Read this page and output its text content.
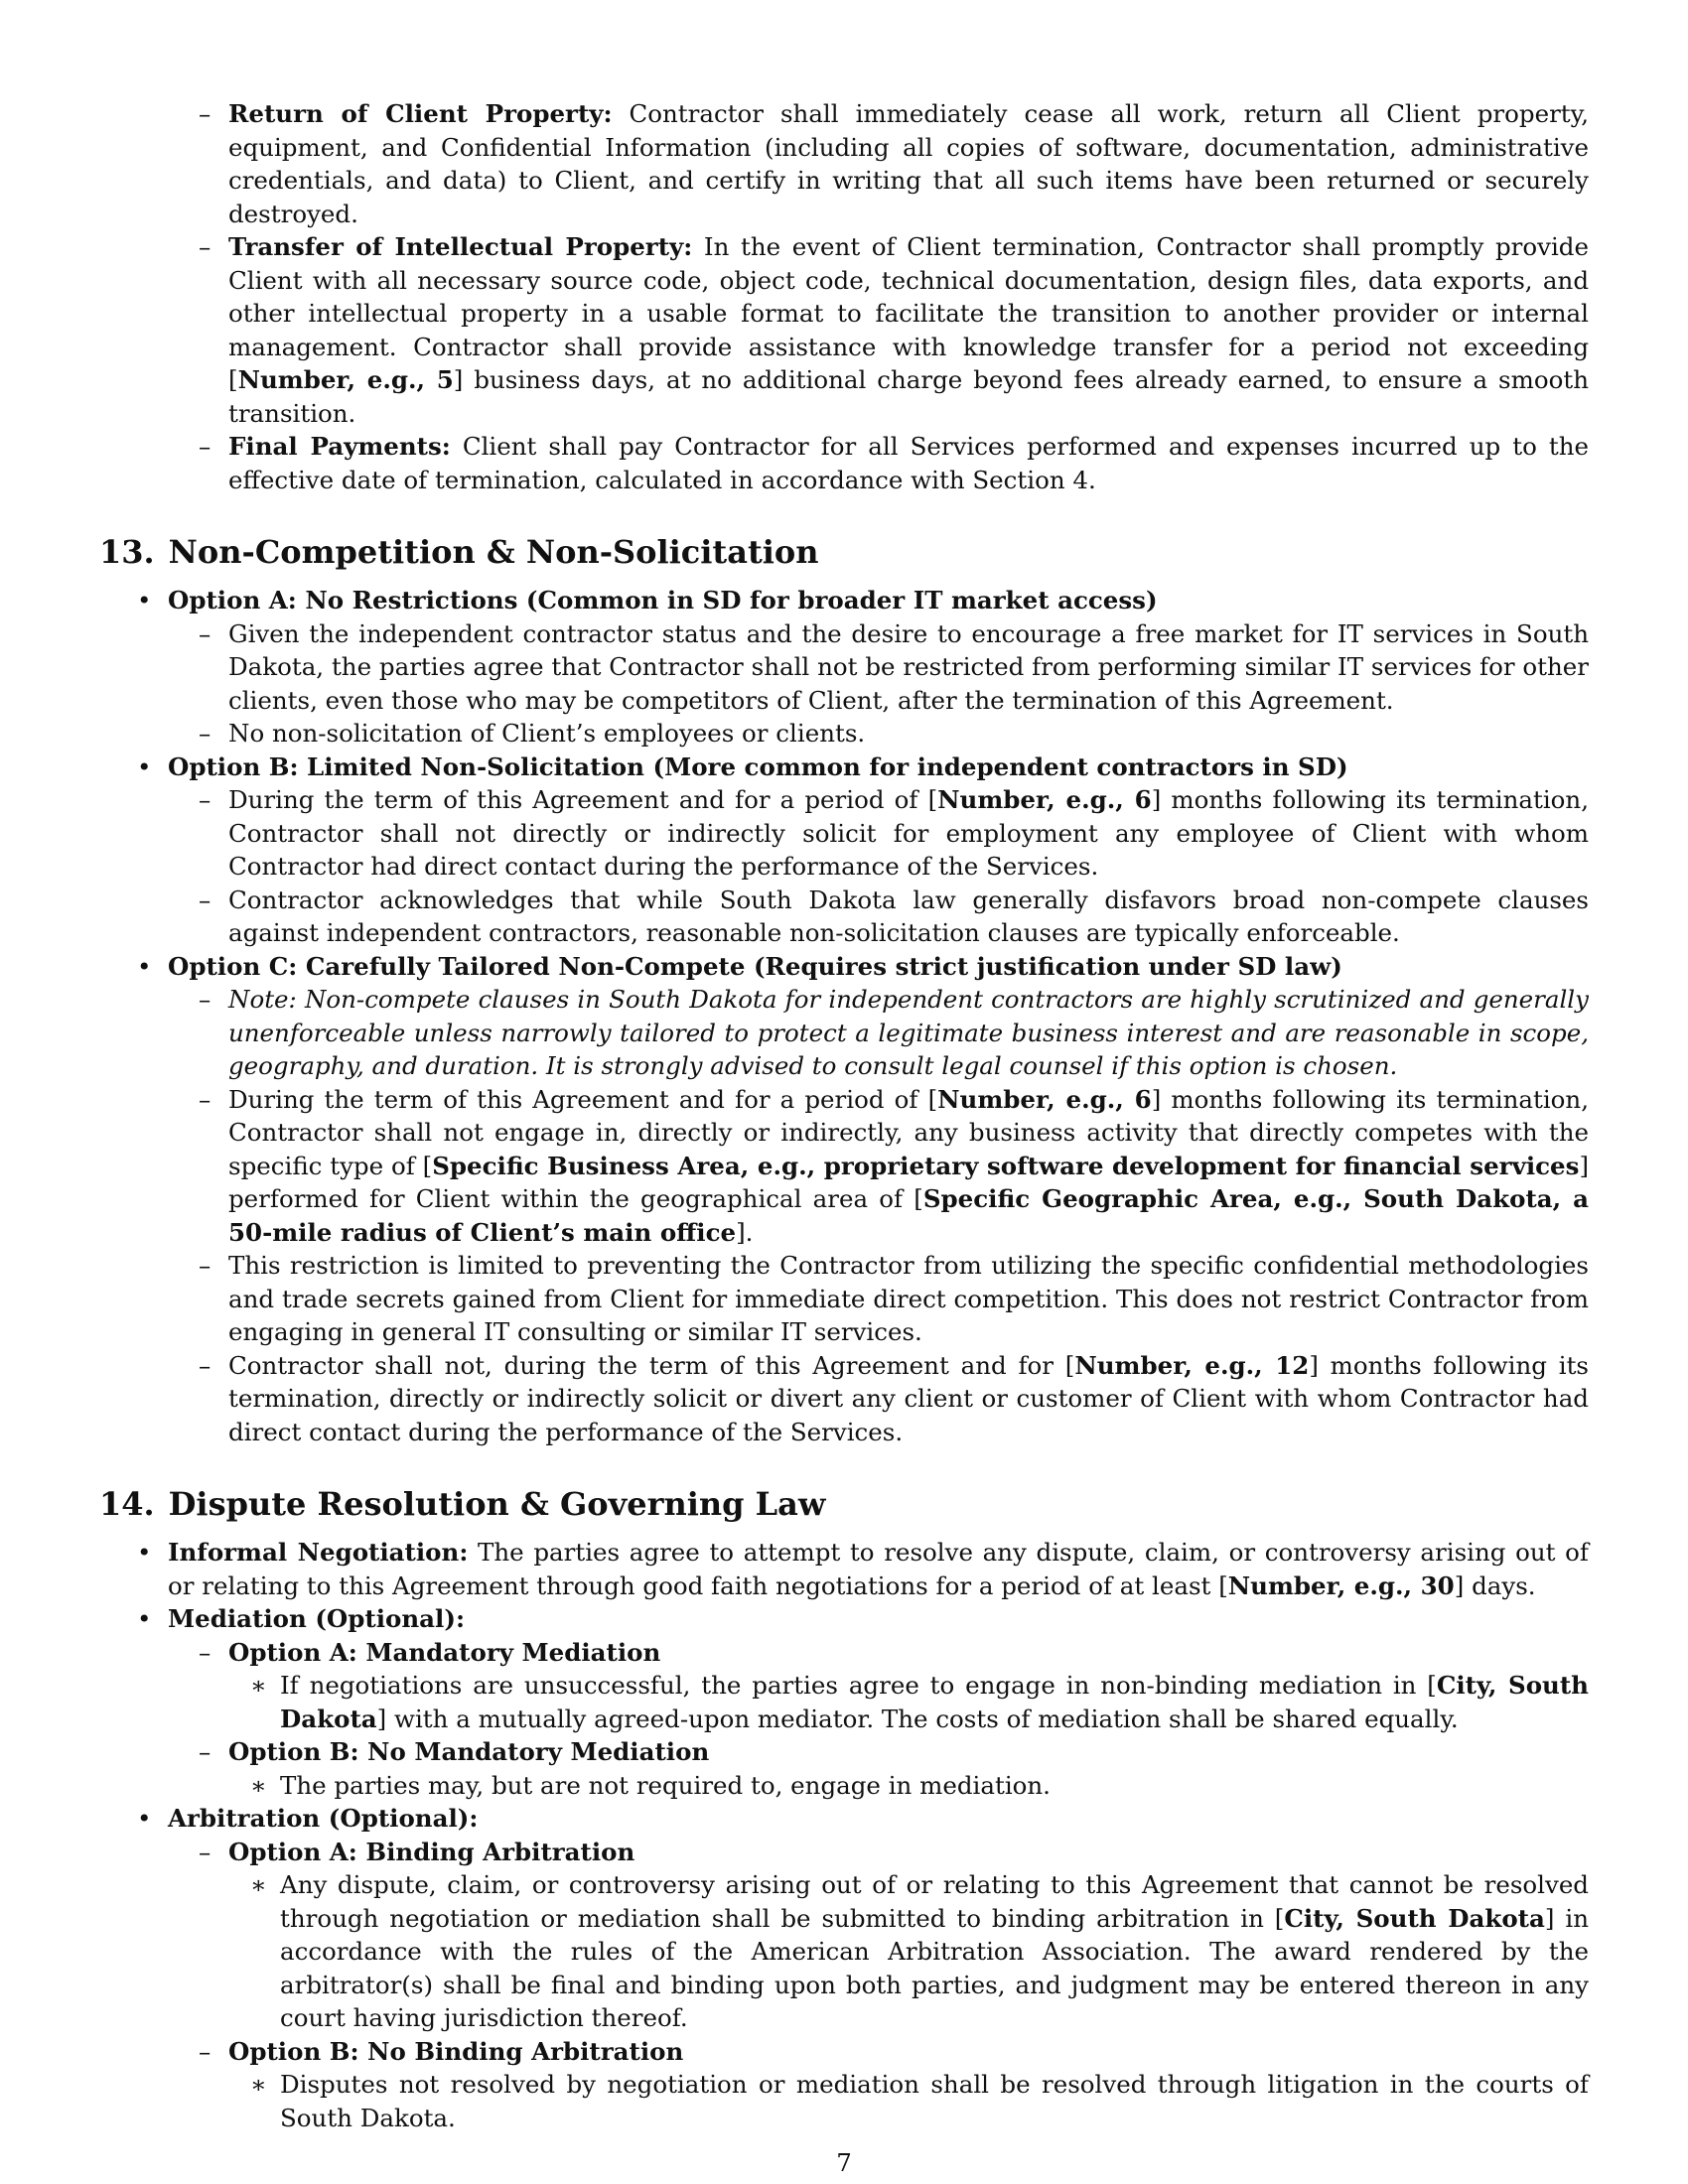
– Return of Client Property: Contractor shall immediately cease all work, return all Client property, equipment, and Confidential Information (including all copies of software, documentation, administrative credentials, and data) to Client, and certify in writing that all such items have been returned or securely destroyed.
– Transfer of Intellectual Property: In the event of Client termination, Contractor shall promptly provide Client with all necessary source code, object code, technical documentation, design files, data exports, and other intellectual property in a usable format to facilitate the transition to another provider or internal management. Contractor shall provide assistance with knowledge transfer for a period not exceeding [Number, e.g., 5] business days, at no additional charge beyond fees already earned, to ensure a smooth transition.
– Final Payments: Client shall pay Contractor for all Services performed and expenses incurred up to the effective date of termination, calculated in accordance with Section 4.
13. Non-Competition & Non-Solicitation
• Option A: No Restrictions (Common in SD for broader IT market access)
– Given the independent contractor status and the desire to encourage a free market for IT services in South Dakota, the parties agree that Contractor shall not be restricted from performing similar IT services for other clients, even those who may be competitors of Client, after the termination of this Agreement.
– No non-solicitation of Client’s employees or clients.
• Option B: Limited Non-Solicitation (More common for independent contractors in SD)
– During the term of this Agreement and for a period of [Number, e.g., 6] months following its termination, Contractor shall not directly or indirectly solicit for employment any employee of Client with whom Contractor had direct contact during the performance of the Services.
– Contractor acknowledges that while South Dakota law generally disfavors broad non-compete clauses against independent contractors, reasonable non-solicitation clauses are typically enforceable.
• Option C: Carefully Tailored Non-Compete (Requires strict justification under SD law)
– Note: Non-compete clauses in South Dakota for independent contractors are highly scrutinized and generally unenforceable unless narrowly tailored to protect a legitimate business interest and are reasonable in scope, geography, and duration. It is strongly advised to consult legal counsel if this option is chosen.
– During the term of this Agreement and for a period of [Number, e.g., 6] months following its termination, Contractor shall not engage in, directly or indirectly, any business activity that directly competes with the specific type of [Specific Business Area, e.g., proprietary software development for financial services] performed for Client within the geographical area of [Specific Geographic Area, e.g., South Dakota, a 50-mile radius of Client’s main office].
– This restriction is limited to preventing the Contractor from utilizing the specific confidential methodologies and trade secrets gained from Client for immediate direct competition. This does not restrict Contractor from engaging in general IT consulting or similar IT services.
– Contractor shall not, during the term of this Agreement and for [Number, e.g., 12] months following its termination, directly or indirectly solicit or divert any client or customer of Client with whom Contractor had direct contact during the performance of the Services.
14. Dispute Resolution & Governing Law
• Informal Negotiation: The parties agree to attempt to resolve any dispute, claim, or controversy arising out of or relating to this Agreement through good faith negotiations for a period of at least [Number, e.g., 30] days.
• Mediation (Optional):
– Option A: Mandatory Mediation
∗ If negotiations are unsuccessful, the parties agree to engage in non-binding mediation in [City, South Dakota] with a mutually agreed-upon mediator. The costs of mediation shall be shared equally.
– Option B: No Mandatory Mediation
∗ The parties may, but are not required to, engage in mediation.
• Arbitration (Optional):
– Option A: Binding Arbitration
∗ Any dispute, claim, or controversy arising out of or relating to this Agreement that cannot be resolved through negotiation or mediation shall be submitted to binding arbitration in [City, South Dakota] in accordance with the rules of the American Arbitration Association. The award rendered by the arbitrator(s) shall be final and binding upon both parties, and judgment may be entered thereon in any court having jurisdiction thereof.
– Option B: No Binding Arbitration
∗ Disputes not resolved by negotiation or mediation shall be resolved through litigation in the courts of South Dakota.
7
